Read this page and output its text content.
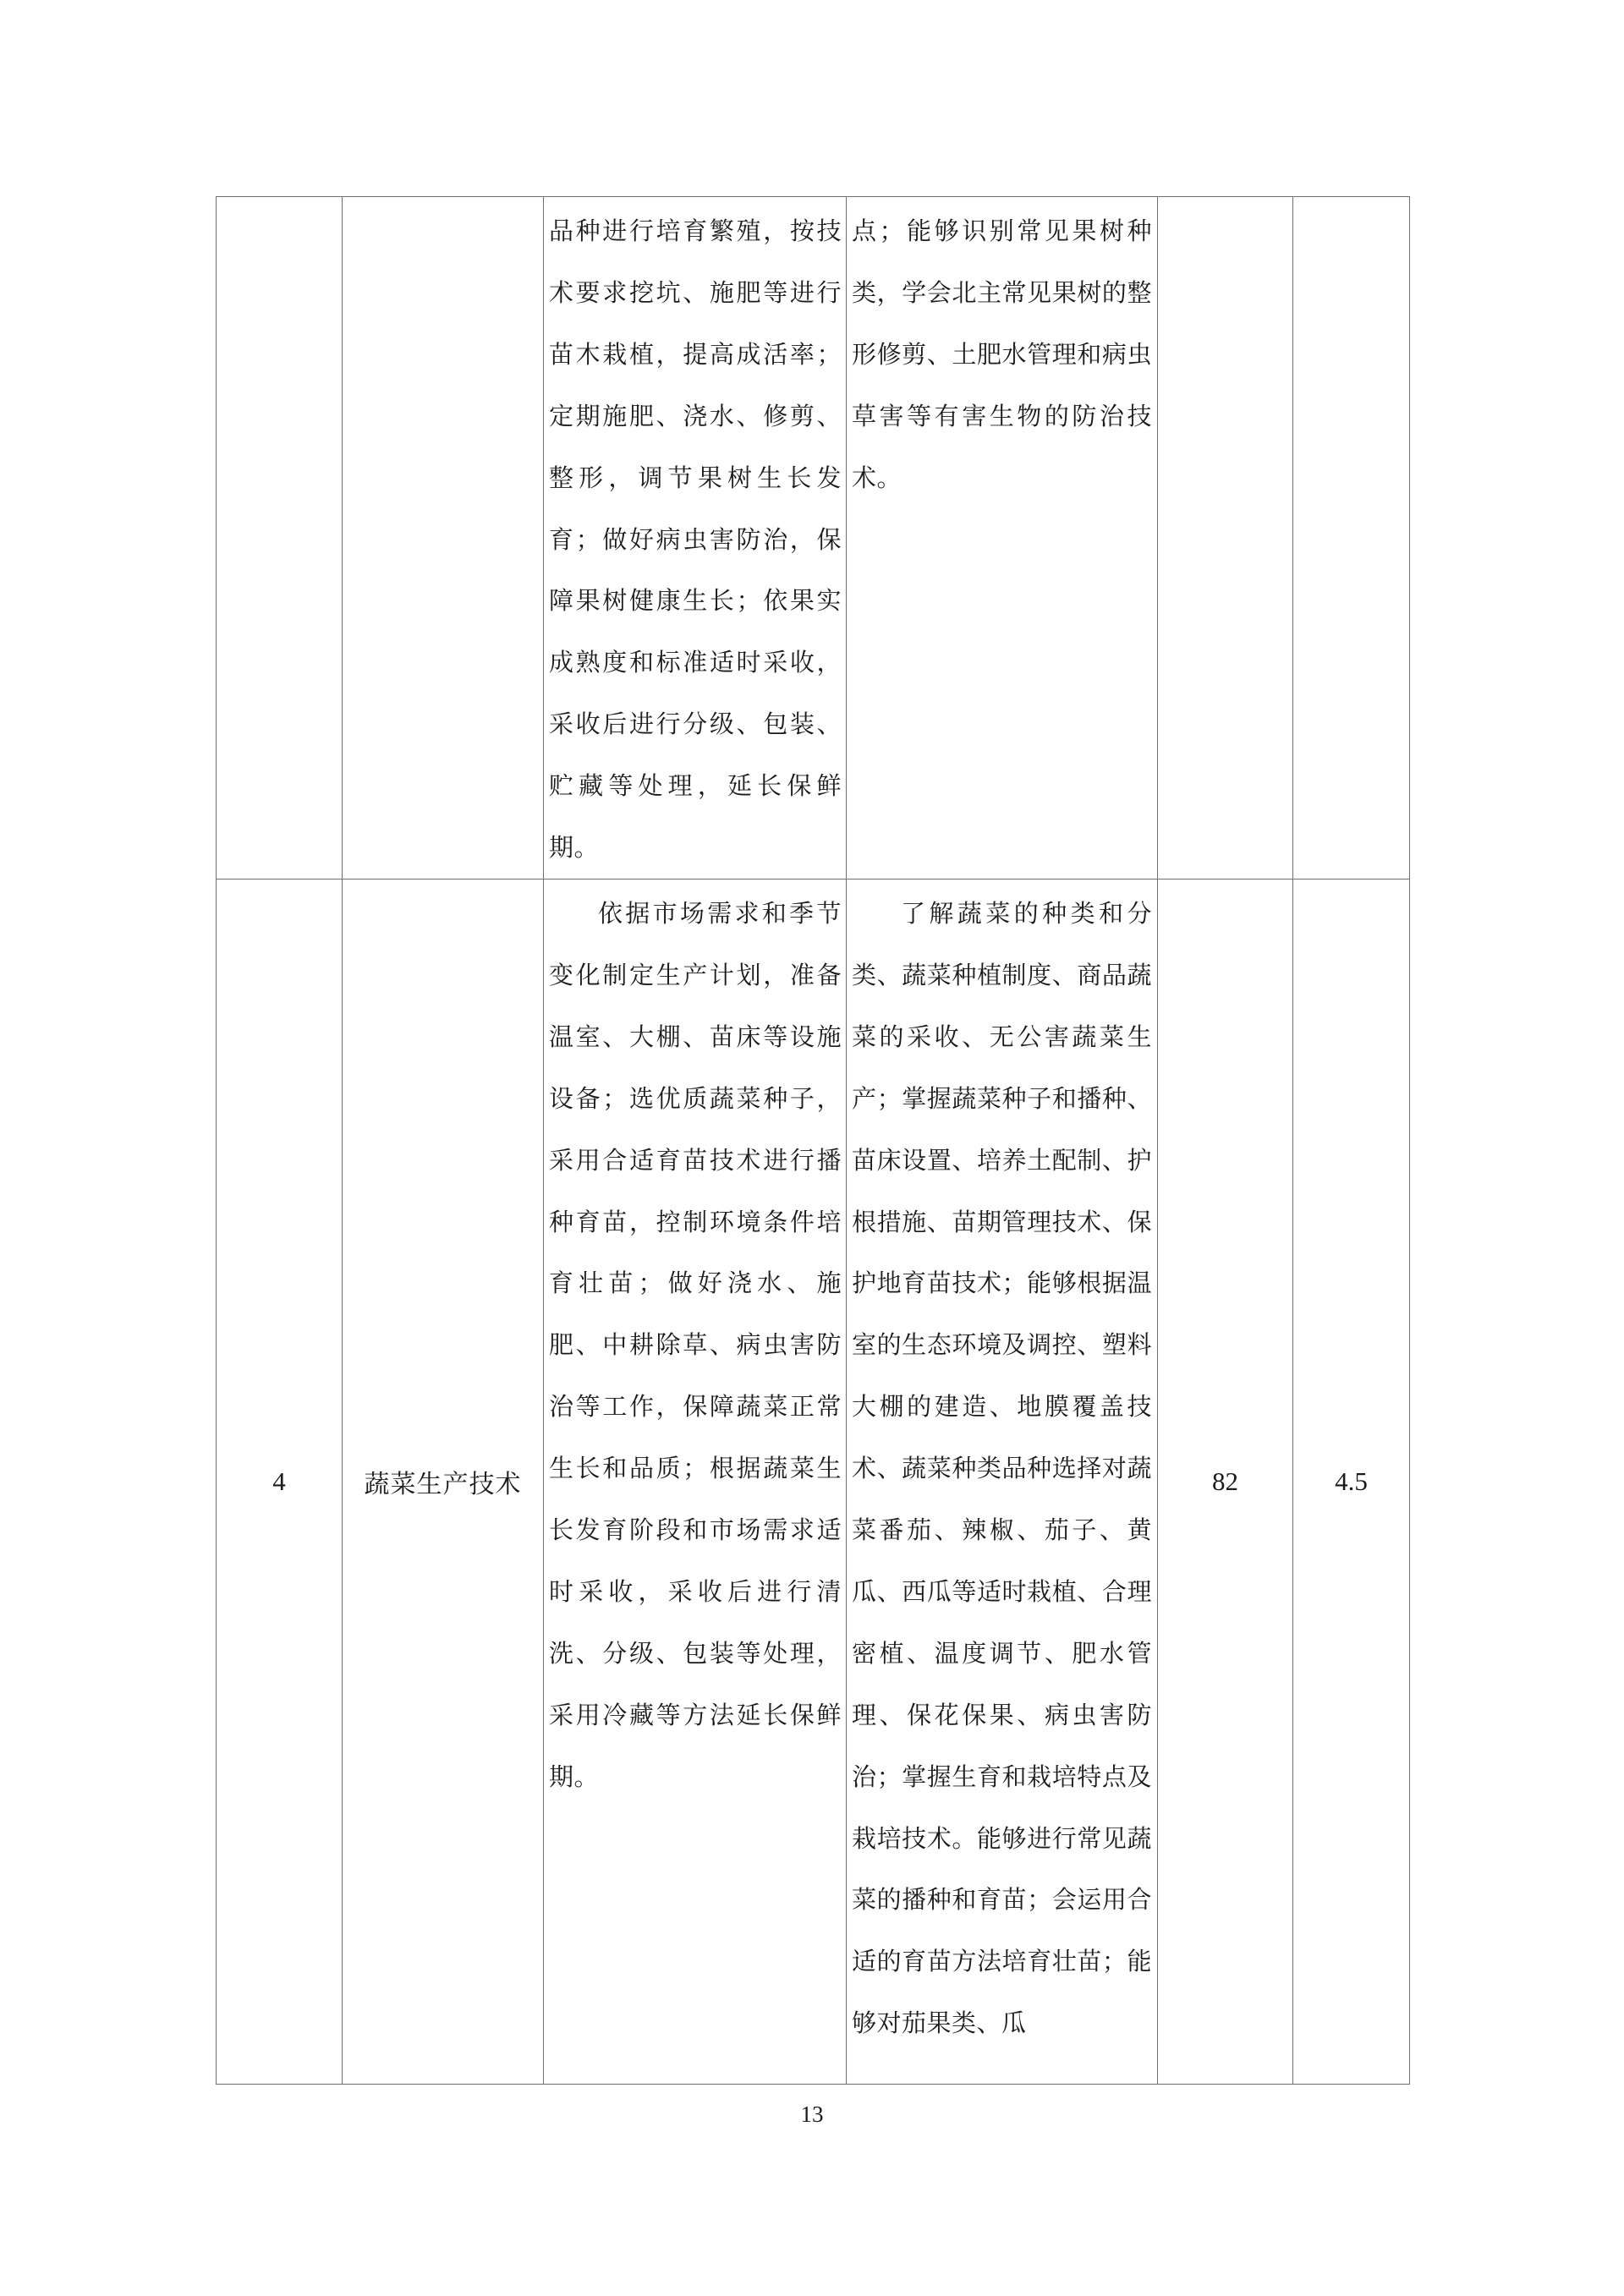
		品种进行培育繁殖，按技术要求挖坑、施肥等进行苗木栽植，提高成活率；定期施肥、浇水、修剪、整形，调节果树生长发育；做好病虫害防治，保障果树健康生长；依果实成熟度和标准适时采收，采收后进行分级、包装、贮藏等处理，延长保鲜期。	点；能够识别常见果树种类，学会北主常见果树的整形修剪、土肥水管理和病虫草害等有害生物的防治技术。		

4	蔬菜生产技术	依据市场需求和季节变化制定生产计划，准备温室、大棚、苗床等设施设备；选优质蔬菜种子，采用合适育苗技术进行播种育苗，控制环境条件培育壮苗；做好浇水、施肥、中耕除草、病虫害防治等工作，保障蔬菜正常生长和品质；根据蔬菜生长发育阶段和市场需求适时采收，采收后进行清洗、分级、包装等处理，采用冷藏等方法延长保鲜期。	了解蔬菜的种类和分类、蔬菜种植制度、商品蔬菜的采收、无公害蔬菜生产；掌握蔬菜种子和播种、苗床设置、培养土配制、护根措施、苗期管理技术、保护地育苗技术；能够根据温室的生态环境及调控、塑料大棚的建造、地膜覆盖技术、蔬菜种类品种选择对蔬菜番茄、辣椒、茄子、黄瓜、西瓜等适时栽植、合理密植、温度调节、肥水管理、保花保果、病虫害防治；掌握生育和栽培特点及栽培技术。能够进行常见蔬菜的播种和育苗；会运用合适的育苗方法培育壮苗；能够对茄果类、瓜	82	4.5
13
